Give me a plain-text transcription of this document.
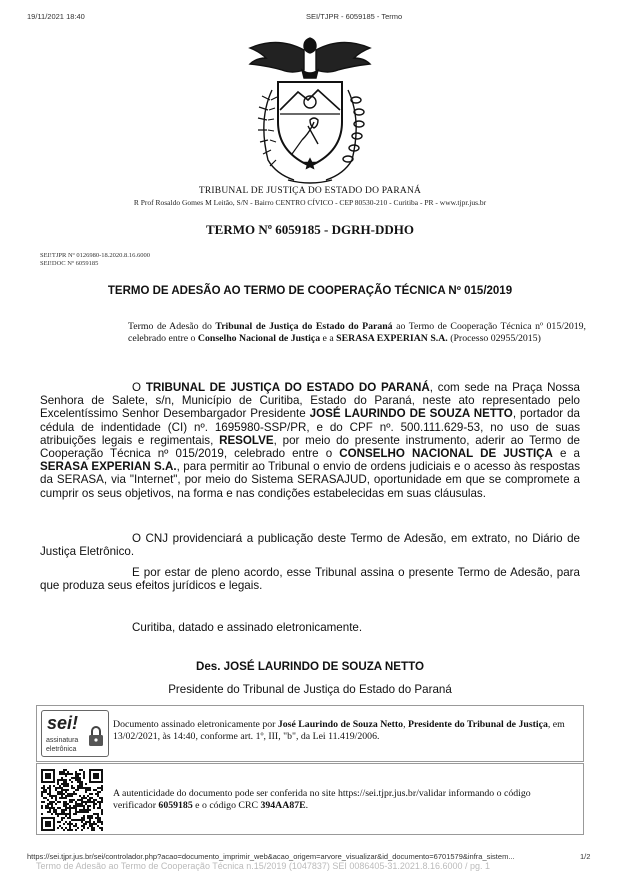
19/11/2021 18:40	SEI/TJPR - 6059185 - Termo
TRIBUNAL DE JUSTIÇA DO ESTADO DO PARANÁ
R Prof Rosaldo Gomes M Leitão, S/N - Bairro CENTRO CÍVICO - CEP 80530-210 - Curitiba - PR - www.tjpr.jus.br
TERMO Nº 6059185 - DGRH-DDHO
SEI!TJPR Nº 0126980-18.2020.8.16.6000
SEI!DOC Nº 6059185
TERMO DE ADESÃO AO TERMO DE COOPERAÇÃO TÉCNICA Nº 015/2019
Termo de Adesão do Tribunal de Justiça do Estado do Paraná ao Termo de Cooperação Técnica nº 015/2019, celebrado entre o Conselho Nacional de Justiça e a SERASA EXPERIAN S.A. (Processo 02955/2015)
O TRIBUNAL DE JUSTIÇA DO ESTADO DO PARANÁ, com sede na Praça Nossa Senhora de Salete, s/n, Município de Curitiba, Estado do Paraná, neste ato representado pelo Excelentíssimo Senhor Desembargador Presidente JOSÉ LAURINDO DE SOUZA NETTO, portador da cédula de indentidade (CI) nº. 1695980-SSP/PR, e do CPF nº. 500.111.629-53, no uso de suas atribuições legais e regimentais, RESOLVE, por meio do presente instrumento, aderir ao Termo de Cooperação Técnica nº 015/2019, celebrado entre o CONSELHO NACIONAL DE JUSTIÇA e a SERASA EXPERIAN S.A., para permitir ao Tribunal o envio de ordens judiciais e o acesso às respostas da SERASA, via "Internet", por meio do Sistema SERASAJUD, oportunidade em que se compromete a cumprir os seus objetivos, na forma e nas condições estabelecidas em suas cláusulas.
O CNJ providenciará a publicação deste Termo de Adesão, em extrato, no Diário de Justiça Eletrônico.
E por estar de pleno acordo, esse Tribunal assina o presente Termo de Adesão, para que produza seus efeitos jurídicos e legais.
Curitiba, datado e assinado eletronicamente.
Des. JOSÉ LAURINDO DE SOUZA NETTO
Presidente do Tribunal de Justiça do Estado do Paraná
sei!
assinatura
eletrônica
Documento assinado eletronicamente por José Laurindo de Souza Netto, Presidente do Tribunal de Justiça, em 13/02/2021, às 14:40, conforme art. 1º, III, "b", da Lei 11.419/2006.
A autenticidade do documento pode ser conferida no site https://sei.tjpr.jus.br/validar informando o código verificador 6059185 e o código CRC 394AA87E.
https://sei.tjpr.jus.br/sei/controlador.php?acao=documento_imprimir_web&acao_origem=arvore_visualizar&id_documento=6701579&infra_sistem...	1/2
Termo de Adesão ao Termo de Cooperação Técnica n.15/2019 (1047837) SEI 0086405-31.2021.8.16.6000 / pg. 1
